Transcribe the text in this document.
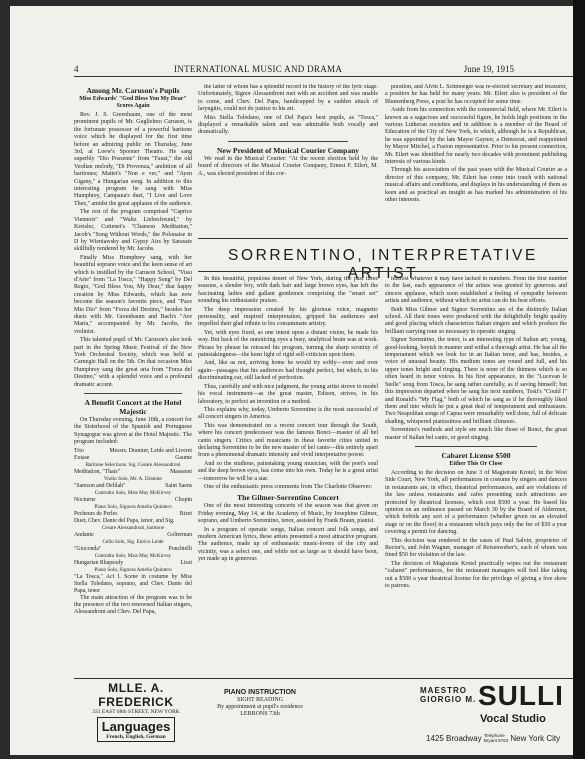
4	INTERNATIONAL MUSIC AND DRAMA	June 19, 1915
Among Mr. Caruson's Pupils
Miss Edwards' "God Bless You My Dear" Scores Again

Rev. J. S. Greenhaum, one of the most prominent pupils of Mr. Guglielmo Caruson, is the fortunate possessor of a powerful baritone voice which he displayed for the first time before an admiring public on Thursday, June 3rd, at Loew's Spooner Theatre. He sang superbly "Dio Possente" from "Faust," the old Verdian melody, "Di Provenza," ambition of all baritones; Mattei's "Non e ver," and "Ayen Gigany," a Hungarian song. In addition to this interesting program he sang with Miss Humphrey, Campana's duet, "I Live and Love Thee," amidst the great applause of the audience.

The rest of the program comprised "Caprice Viennois" and "Waltz Liebesfreund," by Kreisler, Cottenet's "Chanson Meditation," Jacob's "Song Without Words," the Polonaise in D by Wieniawsky and Gypsy Airs by Sarasate skillfully rendered by Mr. Jacobs.

Finally Miss Humphrey sang, with her beautiful soprano voice and the keen sense of art which is instilled by the Caruson School, "Vissi d'Arte" from "La Tosca," "Happy Song" by Del Regio, "God Bless You, My Dear," that happy creation by Miss Edwards, which has now become the season's favorite piece, and "Pace Mio Dio" from "Forza del Destino," besides her duets with Mr. Greenbaum and Bach's "Ave Maria," accompanied by Mr. Jacobs, the violinist.

This talented pupil of Mr. Caruson's also took part in the Spring Music Festival of the New York Orchestral Society, which was held at Carnegie Hall on the 5th. On that occasion Miss Humphrey sang the great aria from "Forza del Destino," with a splendid voice and a profound dramatic accent.

A Benefit Concert at the Hotel Majestic

On Thursday evening, June 10th, a concert for the Sisterhood of the Spanish and Portuguese Synagogue was given at the Hotel Majestic. The program included:

Trio	Messrs. Dramier, Leide and Liveret
Extase	Gaume
Baritone Selections. Sig. Cesare Alessandroni
Meditation, "Thais"	Massenet
Violin Solo, Mr. A. Dramier
"Samson and Delilah"	Saint Saens
Contralto Solo, Miss May McKirvey
Nocturne	Chopin
Piano Solo, Signora Amelia Quintero
Pecheurs de Perles	Bizet
Duet, Chev. Dante del Papa, tenor, and Sig.
Cesare Alessandroni, baritone
Andante	Golterman
Cello Solo, Sig. Enrico Leide
"Gioconda"	Ponchielli
Contralto Solo, Miss May McKirvey
Hungarian Rhapsody	Liszt
Piano Solo, Signora Amelia Quintero
"La Tosca," Act I. Scene in costume by Miss Stella Toledano, soprano, and Chev. Dante del Papa, tenor

The main attraction of the program was to be the presence of the two renowned Italian singers, Alessandroni and Chev. Del Papa,

the latter of whom has a splendid record in the history of the lyric stage. Unfortunately, Signor Alessandroni met with an accident and was unable to come, and Chev. Del Papa, handicapped by a sudden attack of laryngitis, could not do justice to his art.

Miss Stella Toledano, one of Del Papa's best pupils, as "Tosca," displayed a remarkable talent and was admirable both vocally and dramatically.

New President of Musical Courier Company

We read in the Musical Courier: "At the recent election held by the board of directors of the Musical Courier Company, Ernest F. Eilert, M. A., was elected president of this cor-

poration, and Alvin L. Schmoeger was re-elected secretary and treasurer, a position he has held for many years. Mr. Eilert also is president of the Blumenberg Press, a post he has occupied for some time.

Aside from his connection with the commercial field, where Mr. Eilert is known as a sagacious and successful figure, he holds high positions in the various Lutheran societies and in addition is a member of the Board of Education of the City of New York, to which, although he is a Republican, he was appointed by the late Mayor Gaynor, a Democrat, and reappointed by Mayor Mitchel, a Fusion representative. Prior to his present connection, Mr. Eilert was identified for nearly two decades with prominent publishing interests of various kinds.

Through his association of the past years with the Musical Courier as a director of this company, Mr. Eilert has come into touch with national musical affairs and conditions, and displays in his understanding of them as keen and as practical an insight as has marked his administration of his other interests.

SORRENTINO, INTERPRETATIVE ARTIST

In this beautiful, populous desert of New York, during the past three seasons, a slender boy, with dark hair and large brown eyes, has left the fascinating ladies and gallant gentlemen comprising the "smart set" sounding his enthusiastic praises.

The deep impression created by his glorious voice, magnetic personality, and inspired interpretation, gripped his audiences and impelled their glad tribute to his consummate artistry.

Yet, with eyes fixed, as one intent upon a distant vision, he made his way. But back of the unnoticing eyes a busy, analytical brain was at work. Phrase by phrase he retraced his program, turning the sharp scrutiny of painstakingness—the keen light of rigid self-criticism upon them.

And, like as not, arriving home he would try softly—over and over again—passages that his audiences had thought perfect, but which, to his discriminating ear, still lacked of perfection.

Thus, carefully and with nice judgment, the young artist strove to model his vocal instrument—as the great master, Edison, strives, in his laboratory, to perfect an invention or a method.

This explains why, today, Umberto Sorrentino is the most successful of all concert singers in America.

This was demonstrated on a recent concert tour through the South, where his concert predecessor was the famous Bonci—master of all bel canto singers. Critics and musicians in these favorite cities united in declaring Sorrentino to be the new master of bel canto—this entirely apart from a phenomenal dramatic intensity and vivid interpretative power.

And so the studious, painstaking young musician, with the poet's soul and the deep brown eyes, has come into his own. Today he is a great artist—tomorrow he will be a star.

One of the enthusiastic press comments from The Charlotte Observer:

The Gilmer-Sorrentino Concert

One of the most interesting concerts of the season was that given on Friday evening, May 14, at the Academy of Music, by Josephine Gilmer, soprano, and Umberto Sorrentino, tenor, assisted by Frank Braun, pianist.

In a program of operatic songs, Italian concert and folk songs, and modern American lyrics, these artists presented a most attractive program. The audience, made up of enthusiastic music-lovers of the city and vicinity, was a select one, and while not as large as it should have been, yet made up in generous

interest whatever it may have lacked in numbers. From the first number to the last, each appearance of the artists was greeted by generous and sincere applause, which soon established a feeling of sympathy between artists and audience, without which no artist can do his best efforts.

Both Miss Gilmer and Signor Sorrentino are of the distinctly Italian school. All their tones were produced with the delightfully bright quality and good placing which characterize Italian singers and which produce the brilliant carrying tone so necessary in operatic singing.

Signor Sorrentino, the tenor, is an interesting type of Italian art; young, good-looking, boyish in manner and withal a thorough artist. He has all the temperament which we look for in an Italian tenor, and has, besides, a voice of unusual beauty. His medium tones are round and full, and his upper tones bright and ringing. There is none of the thinness which is so often heard in tenor voices. In his first appearance, in the "Lucevan le Stelle" song from Tosca, he sang rather carefully, as if saving himself; but this impression departed when he sang his next numbers, Tosti's "Could I" and Ronald's "My Flag," both of which he sang as if he thoroughly liked them and into which he put a great deal of temperament and enthusiasm. Two Neapolitan songs of Capua were remarkably well done, full of delicate shading, whispered pianissimos and brilliant climaxes.

Sorrentino's methods and style are much like those of Bonci, the great master of Italian bel canto, or good singing.

Cabaret License $500
Either This Or Close

According to the decision on June 3 of Magistrate Krotel, in the West Side Court, New York, all performances in costume by singers and dancers in restaurants are, in effect, theatrical performances, and are violations of the law unless restaurants and cafes presenting such attractions are protected by theatrical licenses, which cost $500 a year. He based his opinion on an ordinance passed on March 30 by the Board of Aldermen, which forbids any sort of a performance (whether given on an elevated stage or on the floor) in a restaurant which pays only the fee of $50 a year covering a permit for dancing.

This decision was rendered in the cases of Paul Salvin, proprietor of Rector's, and John Wagner, manager of Reisenweber's, each of whom was fined $50 for violation of the law.

The decision of Magistrate Krotel practically wipes out the restaurant "cabaret" performances, for the restaurant managers will feel like taking out a $500 a year theatrical license for the privilege of giving a free show to patrons.

MLLE. A. FREDERICK
331 EAST 68th STREET, NEW YORK
Languages
French, English, German
PIANO INSTRUCTION
SIGHT READING
By appointment at pupil's residence
LEBRONS 73th
MAESTRO
GIORGIO M. SULLI
Vocal Studio
1425 Broadway Telephone
Bryant 5763 New York City
